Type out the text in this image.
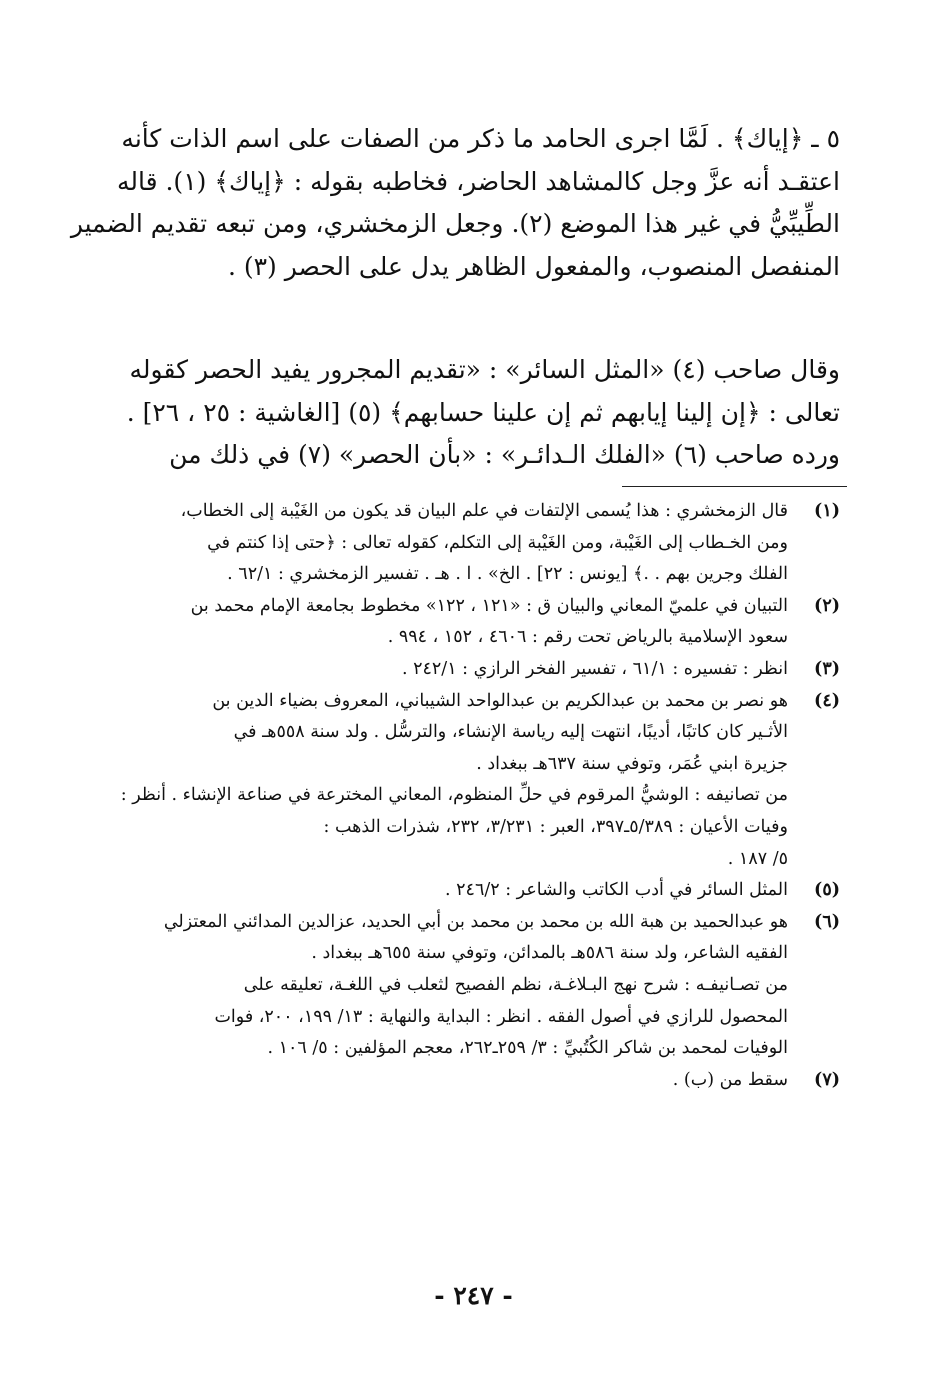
٥ ـ ﴿إياك﴾ . لَمَّا اجرى الحامد ما ذكر من الصفات على اسم الذات كأنه
اعتقـد أنه عزَّ وجل كالمشاهد الحاضر، فخاطبه بقوله : ﴿إياك﴾ (١). قاله
الطِّيبِّيُّ في غير هذا الموضع (٢). وجعل الزمخشري، ومن تبعه تقديم الضمير
المنفصل المنصوب، والمفعول الظاهر يدل على الحصر (٣) .
وقال صاحب (٤) «المثل السائر» : «تقديم المجرور يفيد الحصر كقوله
تعالى : ﴿إن إلينا إيابهم ثم إن علينا حسابهم﴾ (٥) [الغاشية : ٢٥ ، ٢٦] .
ورده صاحب (٦) «الفلك الـدائـر» : «بأن الحصر» (٧) في ذلك من
(١)
قال الزمخشري : هذا يُسمى الإلتفات في علم البيان قد يكون من الغَيْبة إلى الخطاب،
ومن الخـطاب إلى الغَيْبة، ومن الغَيْبة إلى التكلم، كقوله تعالى : ﴿حتى إذا كنتم في
الفلك وجرين بهم . .﴾ [يونس : ٢٢] . الخ» . ا . هـ . تفسير الزمخشري : ٦٢/١ .
(٢)
التبيان في علميّ المعاني والبيان ق : «١٢١ ، ١٢٢» مخطوط بجامعة الإمام محمد بن
سعود الإسلامية بالرياض تحت رقم : ٤٦٠٦ ، ١٥٢ ، ٩٩٤ .
(٣)
انظر : تفسيره : ٦١/١ ، تفسير الفخر الرازي : ٢٤٢/١ .
(٤)
هو نصر بن محمد بن عبدالكريم بن عبدالواحد الشيباني، المعروف بضياء الدين بن
الأثـير كان كاتبًا، أديبًا، انتهت إليه رياسة الإنشاء، والترسُّل . ولد سنة ٥٥٨هـ في
جزيرة ابني عُمَر، وتوفي سنة ٦٣٧هـ ببغداد .
من تصانيفه : الوشيُّ المرقوم في حلِّ المنظوم، المعاني المخترعة في صناعة الإنشاء . أنظر :
وفيات الأعيان : ٥/٣٨٩ـ٣٩٧، العبر : ٣/٢٣١، ٢٣٢، شذرات الذهب :
٥/ ١٨٧ .
(٥)
المثل السائر في أدب الكاتب والشاعر : ٢٤٦/٢ .
(٦)
هو عبدالحميد بن هبة الله بن محمد بن محمد بن أبي الحديد، عزالدين المدائني المعتزلي
الفقيه الشاعر، ولد سنة ٥٨٦هـ بالمدائن، وتوفي سنة ٦٥٥هـ ببغداد .
من تصـانيفـه : شرح نهج البـلاغـة، نظم الفصيح لثعلب في اللغـة، تعليقه على
المحصول للرازي في أصول الفقه . انظر : البداية والنهاية : ١٣/ ١٩٩، ٢٠٠، فوات
الوفيات لمحمد بن شاكر الكُتُبيِّ : ٣/ ٢٥٩ـ٢٦٢، معجم المؤلفين : ٥/ ١٠٦ .
(٧)
سقط من (ب) .
- ٢٤٧ -
